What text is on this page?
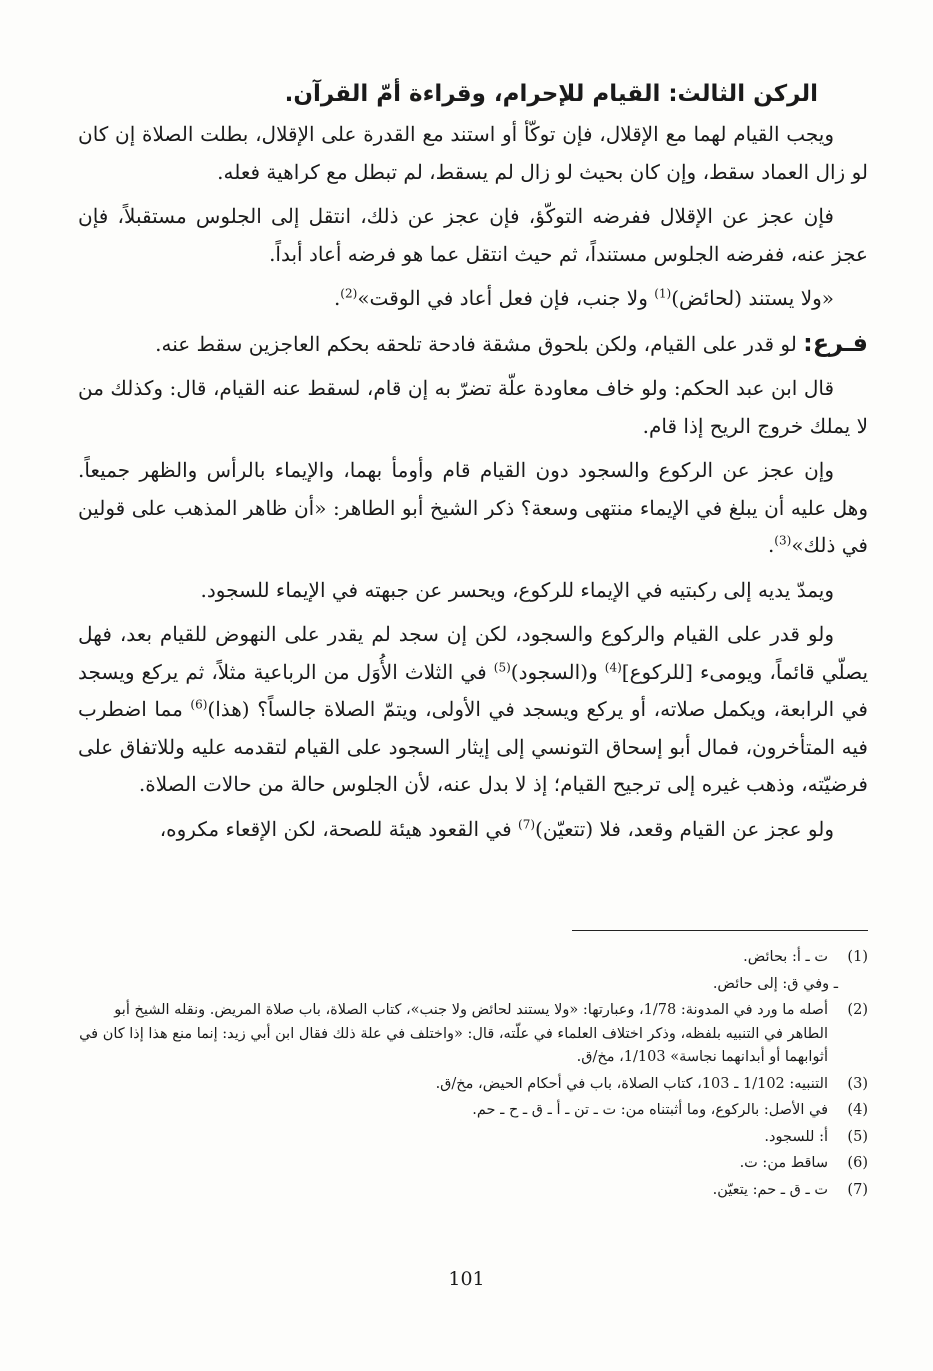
الركن الثالث: القيام للإحرام، وقراءة أمّ القرآن.

ويجب القيام لهما مع الإقلال، فإن توكّأ أو استند مع القدرة على الإقلال، بطلت الصلاة إن كان لو زال العماد سقط، وإن كان بحيث لو زال لم يسقط، لم تبطل مع كراهية فعله.

فإن عجز عن الإقلال ففرضه التوكّؤ، فإن عجز عن ذلك، انتقل إلى الجلوس مستقبلاً، فإن عجز عنه، ففرضه الجلوس مستنداً، ثم حيث انتقل عما هو فرضه أعاد أبداً.

«ولا يستند (لحائض)$^{(1)}$ ولا جنب، فإن فعل أعاد في الوقت»$^{(2)}$.

فـرع: لو قدر على القيام، ولكن بلحوق مشقة فادحة تلحقه بحكم العاجزين سقط عنه.

قال ابن عبد الحكم: ولو خاف معاودة علّة تضرّ به إن قام، لسقط عنه القيام، قال: وكذلك من لا يملك خروج الريح إذا قام.

وإن عجز عن الركوع والسجود دون القيام قام وأومأ بهما، والإيماء بالرأس والظهر جميعاً. وهل عليه أن يبلغ في الإيماء منتهى وسعة؟ ذكر الشيخ أبو الطاهر: «أن ظاهر المذهب على قولين في ذلك»$^{(3)}$.

ويمدّ يديه إلى ركبتيه في الإيماء للركوع، ويحسر عن جبهته في الإيماء للسجود.

ولو قدر على القيام والركوع والسجود، لكن إن سجد لم يقدر على النهوض للقيام بعد، فهل يصلّي قائماً، ويومىء [للركوع]$^{(4)}$ و(السجود)$^{(5)}$ في الثلاث الأُوَل من الرباعية مثلاً، ثم يركع ويسجد في الرابعة، ويكمل صلاته، أو يركع ويسجد في الأولى، ويتمّ الصلاة جالساً؟ (هذا)$^{(6)}$ مما اضطرب فيه المتأخرون، فمال أبو إسحاق التونسي إلى إيثار السجود على القيام لتقدمه عليه وللاتفاق على فرضيّته، وذهب غيره إلى ترجيح القيام؛ إذ لا بدل عنه، لأن الجلوس حالة من حالات الصلاة.

ولو عجز عن القيام وقعد، فلا (تتعيّن)$^{(7)}$ في القعود هيئة للصحة، لكن الإقعاء مكروه،

(1)
ت ـ أ: بحائض.
ـ وفي ق: إلى حائض.
(2)
أصله ما ورد في المدونة: 1/78، وعبارتها: «ولا يستند لحائض ولا جنب»، كتاب الصلاة، باب صلاة المريض. ونقله الشيخ أبو الطاهر في التنبيه بلفظه، وذكر اختلاف العلماء في علّته، قال: «واختلف في علة ذلك فقال ابن أبي زيد: إنما منع هذا إذا كان في أثوابهما أو أبدانهما نجاسة» 1/103، مخ/ق.
(3)
التنبيه: 1/102 ـ 103، كتاب الصلاة، باب في أحكام الحيض، مخ/ق.
(4)
في الأصل: بالركوع، وما أثبتناه من: ت ـ تن ـ أ ـ ق ـ ح ـ حم.
(5)
أ: للسجود.
(6)
ساقط من: ت.
(7)
ت ـ ق ـ حم: يتعيّن.
101
